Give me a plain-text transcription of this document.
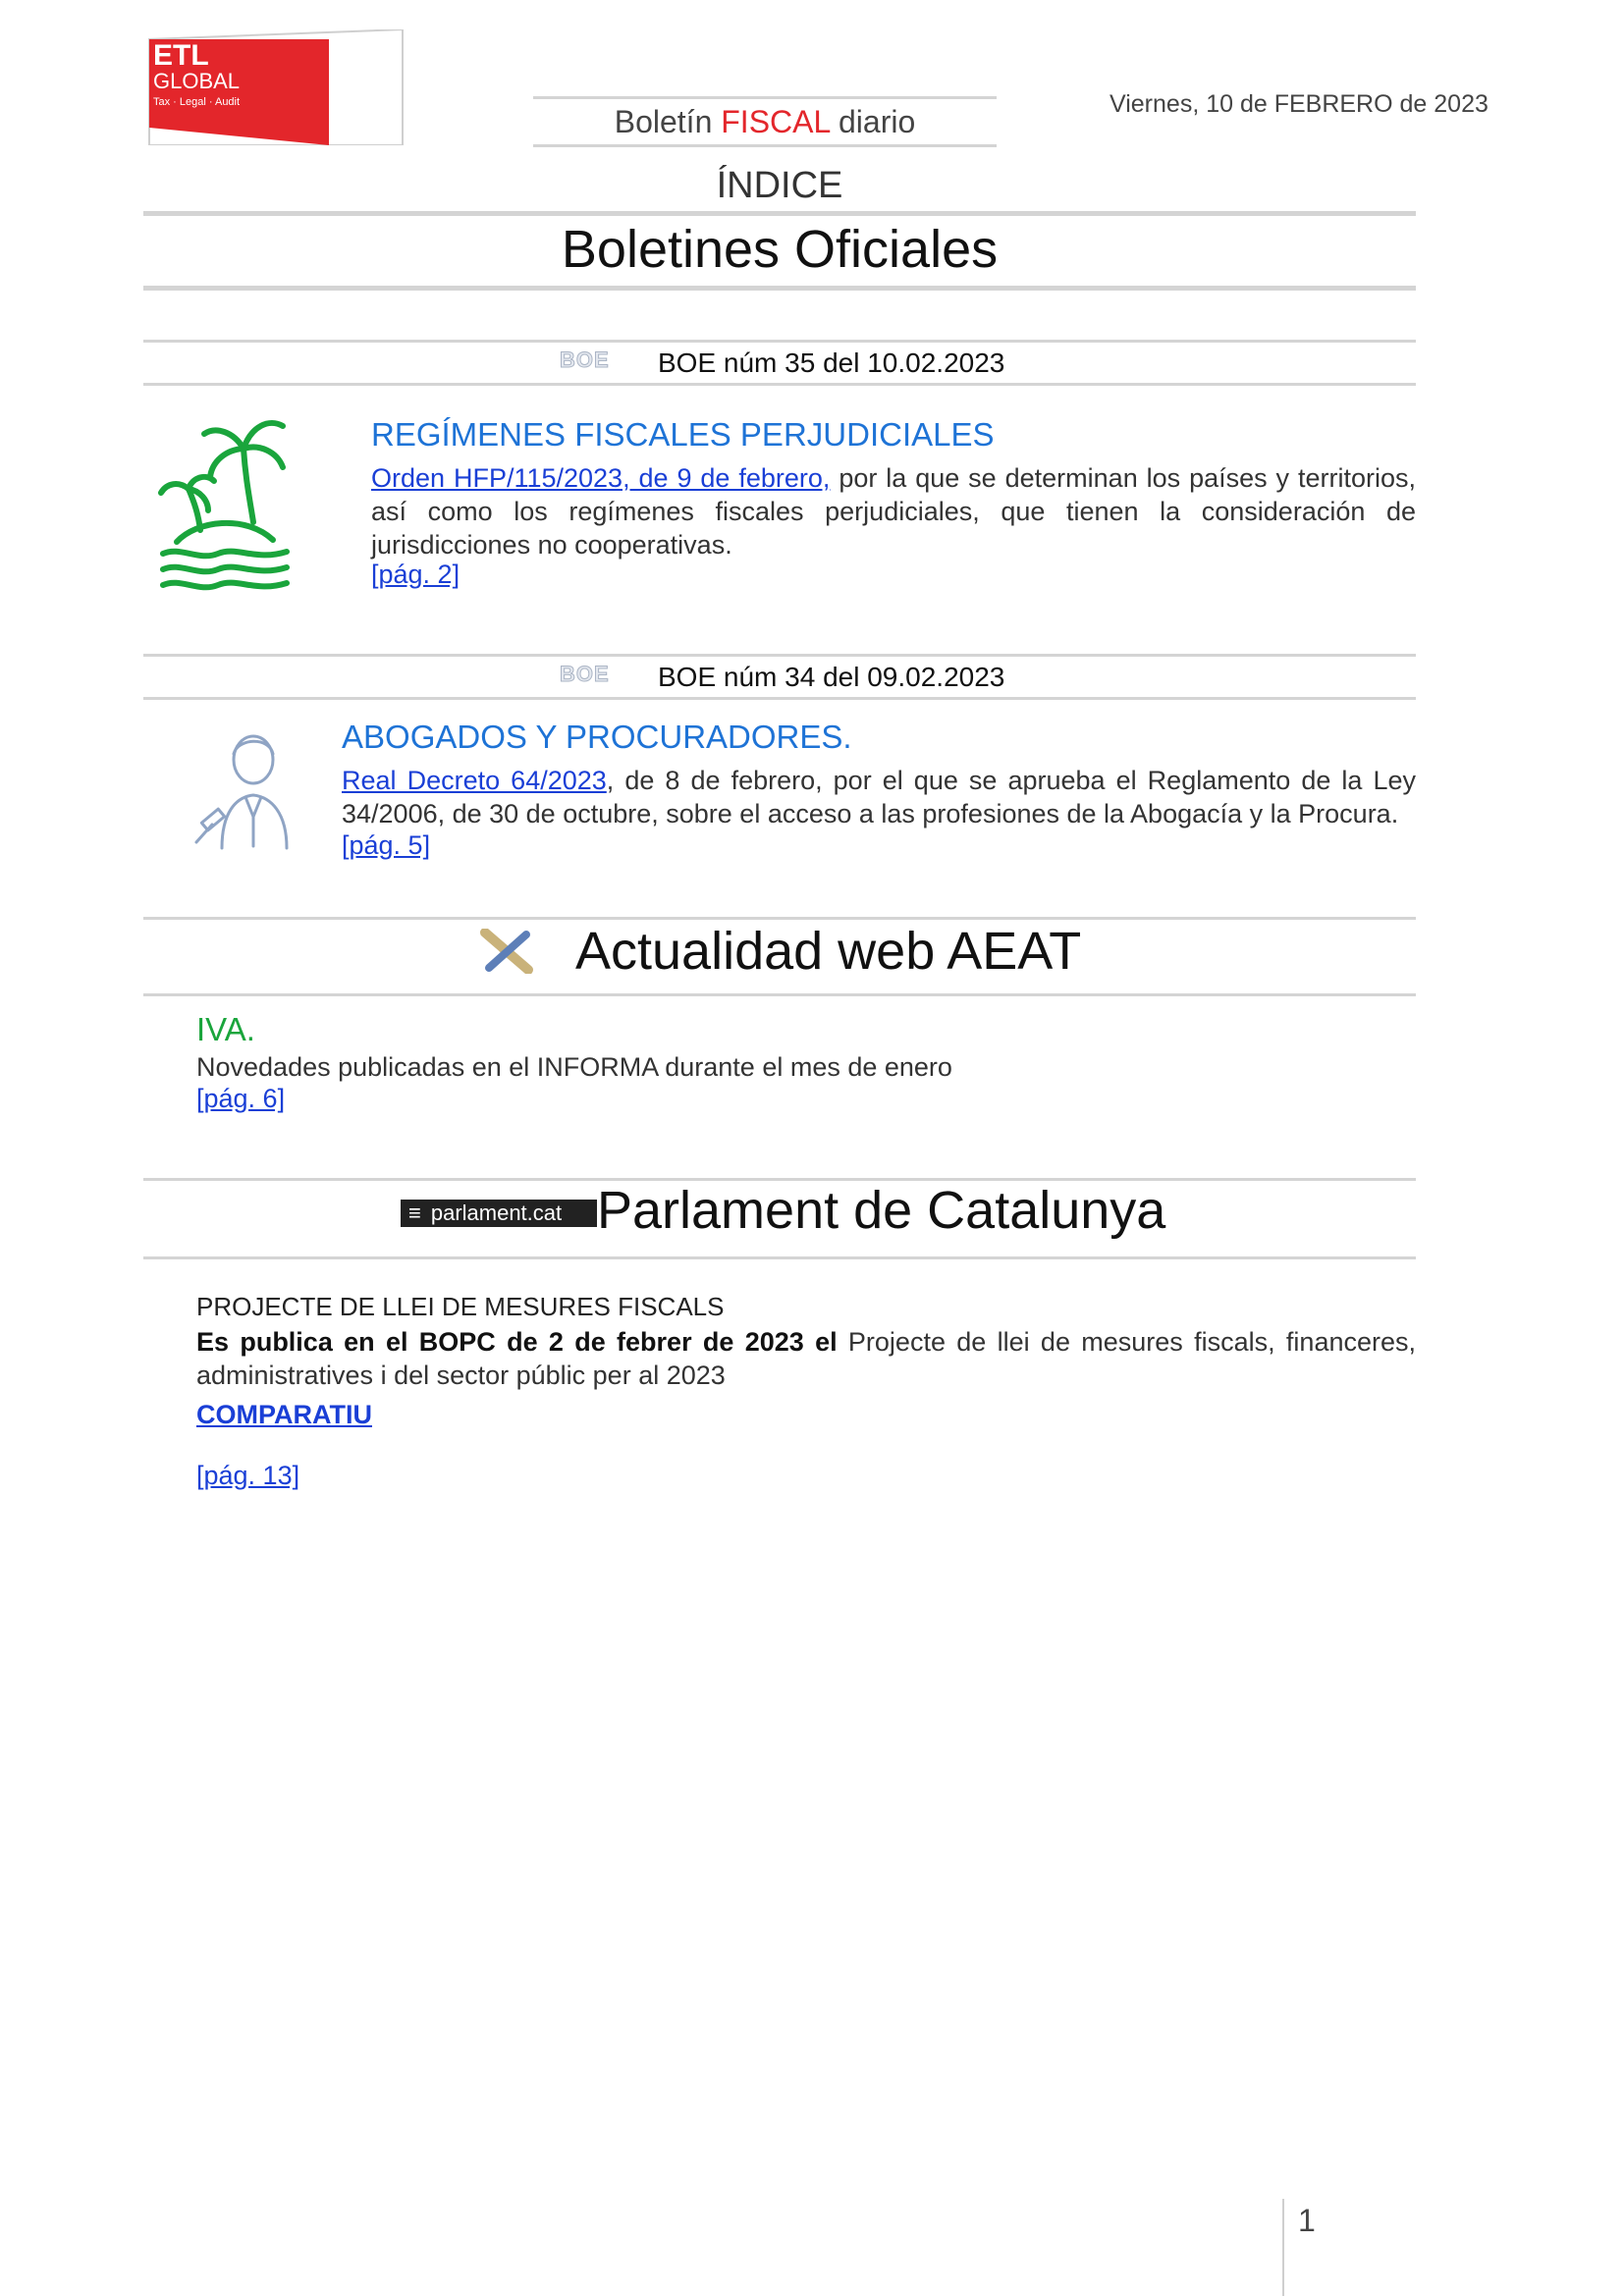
ETL
GLOBAL
Tax · Legal · Audit
Boletín FISCAL diario	Viernes, 10 de FEBRERO de 2023
ÍNDICE
Boletines Oficiales
BOE	BOE núm 35 del 10.02.2023
REGÍMENES FISCALES PERJUDICIALES
Orden HFP/115/2023, de 9 de febrero, por la que se determinan los países y territorios, así como los regímenes fiscales perjudiciales, que tienen la consideración de jurisdicciones no cooperativas.
[pág. 2]
BOE	BOE núm 34 del 09.02.2023
ABOGADOS Y PROCURADORES.
Real Decreto 64/2023, de 8 de febrero, por el que se aprueba el Reglamento de la Ley 34/2006, de 30 de octubre, sobre el acceso a las profesiones de la Abogacía y la Procura.
[pág. 5]
Actualidad web AEAT
IVA.
Novedades publicadas en el INFORMA durante el mes de enero
[pág. 6]
≡ parlament.cat Parlament de Catalunya
PROJECTE DE LLEI DE MESURES FISCALS
Es publica en el BOPC de 2 de febrer de 2023 el Projecte de llei de mesures fiscals, financeres, administratives i del sector públic per al 2023
COMPARATIU
[pág. 13]
1
